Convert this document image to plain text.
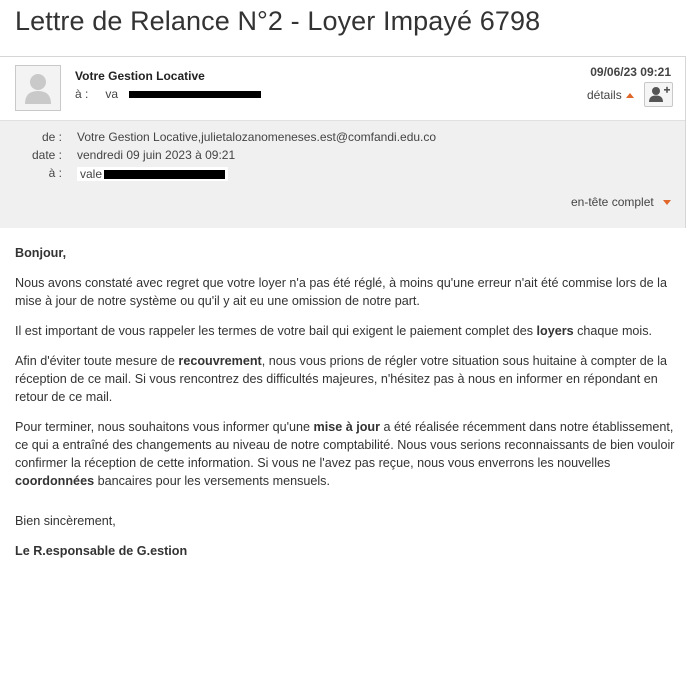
Lettre de Relance N°2 - Loyer Impayé 6798
Votre Gestion Locative
à : va
09/06/23 09:21
détails
de : Votre Gestion Locative,julietalozanomeneses.est@comfandi.edu.co
date : vendredi 09 juin 2023 à 09:21
à : vale
en-tête complet

Bonjour,

Nous avons constaté avec regret que votre loyer n'a pas été réglé, à moins qu'une erreur n'ait été commise lors de la mise à jour de notre système ou qu'il y ait eu une omission de notre part.

Il est important de vous rappeler les termes de votre bail qui exigent le paiement complet des loyers chaque mois.

Afin d'éviter toute mesure de recouvrement, nous vous prions de régler votre situation sous huitaine à compter de la réception de ce mail. Si vous rencontrez des difficultés majeures, n'hésitez pas à nous en informer en répondant en retour de ce mail.

Pour terminer, nous souhaitons vous informer qu'une mise à jour a été réalisée récemment dans notre établissement, ce qui a entraîné des changements au niveau de notre comptabilité. Nous vous serions reconnaissants de bien vouloir confirmer la réception de cette information. Si vous ne l'avez pas reçue, nous vous enverrons les nouvelles coordonnées bancaires pour les versements mensuels.

Bien sincèrement,

Le R.esponsable de G.estion
